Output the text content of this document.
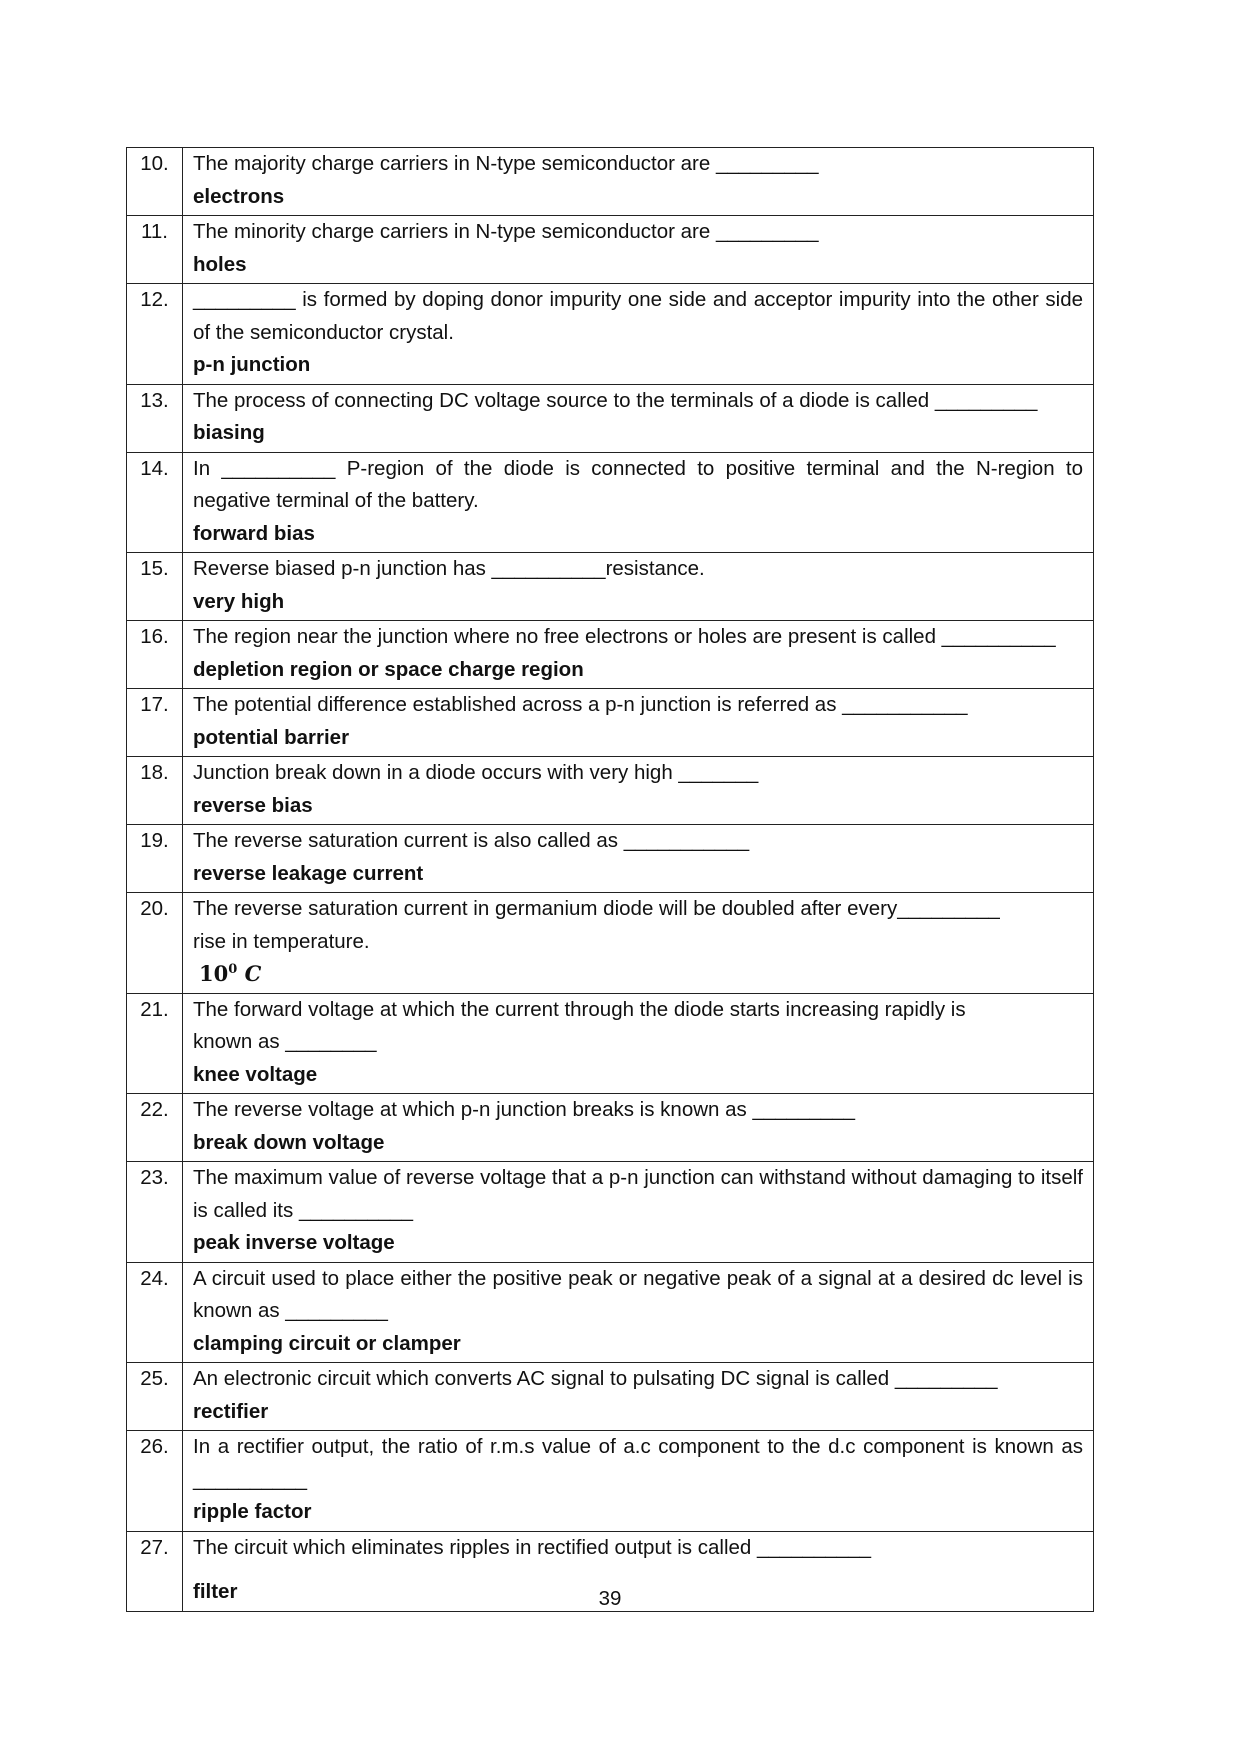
10.	The majority charge carriers in N-type semiconductor are _________
electrons

11.	The minority charge carriers in N-type semiconductor are _________
holes

12.	_________ is formed by doping donor impurity one side and acceptor impurity into the other side of the semiconductor crystal.
p-n junction

13.	The process of connecting DC voltage source to the terminals of a diode is called _________
biasing

14.	In __________ P-region of the diode is connected to positive terminal and the N-region to negative terminal of the battery.
forward bias

15.	Reverse biased p-n junction has __________resistance.
very high

16.	The region near the junction where no free electrons or holes are present is called __________
depletion region or space charge region

17.	The potential difference established across a p-n junction is referred as ___________
potential barrier

18.	Junction break down in a diode occurs with very high _______
reverse bias

19.	The reverse saturation current is also called as ___________
reverse leakage current

20.	The reverse saturation current in germanium diode will be doubled after every_________
rise in temperature.
$10^0$ C

21.	The forward voltage at which the current through the diode starts increasing rapidly is
known as ________
knee voltage

22.	The reverse voltage at which p-n junction breaks is known as _________
break down voltage

23.	The maximum value of reverse voltage that a p-n junction can withstand without damaging to itself is called its __________
peak inverse voltage

24.	A circuit used to place either the positive peak or negative peak of a signal at a desired dc level is known as _________
clamping circuit or clamper

25.	An electronic circuit which converts AC signal to pulsating DC signal is called _________
rectifier

26.	In a rectifier output, the ratio of r.m.s value of a.c component to the d.c component is known as __________
ripple factor

27.	The circuit which eliminates ripples in rectified output is called __________
filter	39
